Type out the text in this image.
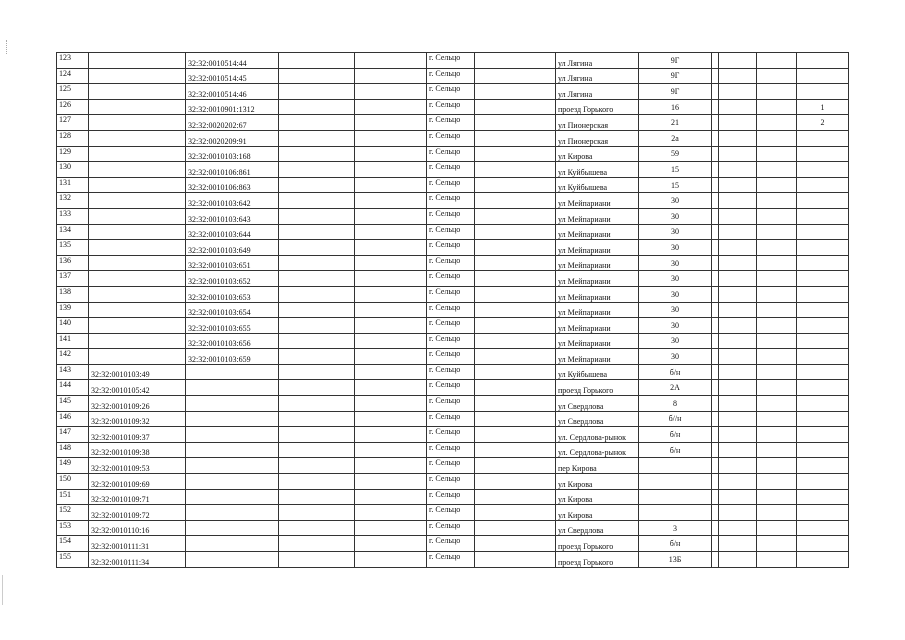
123		32:32:0010514:44			г. Сельцо		ул Лягина	9Г				
124		32:32:0010514:45			г. Сельцо		ул Лягина	9Г				
125		32:32:0010514:46			г. Сельцо		ул Лягина	9Г				
126		32:32:0010901:1312			г. Сельцо		проезд Горького	16				1
127		32:32:0020202:67			г. Сельцо		ул Пионерская	21				2
128		32:32:0020209:91			г. Сельцо		ул Пионерская	2а				
129		32:32:0010103:168			г. Сельцо		ул Кирова	59				
130		32:32:0010106:861			г. Сельцо		ул Куйбышева	15				
131		32:32:0010106:863			г. Сельцо		ул Куйбышева	15				
132		32:32:0010103:642			г. Сельцо		ул Мейпариани	30				
133		32:32:0010103:643			г. Сельцо		ул Мейпариани	30				
134		32:32:0010103:644			г. Сельцо		ул Мейпариани	30				
135		32:32:0010103:649			г. Сельцо		ул Мейпариани	30				
136		32:32:0010103:651			г. Сельцо		ул Мейпариани	30				
137		32:32:0010103:652			г. Сельцо		ул Мейпариани	30				
138		32:32:0010103:653			г. Сельцо		ул Мейпариани	30				
139		32:32:0010103:654			г. Сельцо		ул Мейпариани	30				
140		32:32:0010103:655			г. Сельцо		ул Мейпариани	30				
141		32:32:0010103:656			г. Сельцо		ул Мейпариани	30				
142		32:32:0010103:659			г. Сельцо		ул Мейпариани	30				
143	32:32:0010103:49				г. Сельцо		ул Куйбышева	б/н				
144	32:32:0010105:42				г. Сельцо		проезд Горького	2А				
145	32:32:0010109:26				г. Сельцо		ул Свердлова	8				
146	32:32:0010109:32				г. Сельцо		ул Свердлова	б//н				
147	32:32:0010109:37				г. Сельцо		ул. Сердлова-рынок	б/н				
148	32:32:0010109:38				г. Сельцо		ул. Сердлова-рынок	б/н				
149	32:32:0010109:53				г. Сельцо		пер Кирова					
150	32:32:0010109:69				г. Сельцо		ул Кирова					
151	32:32:0010109:71				г. Сельцо		ул Кирова					
152	32:32:0010109:72				г. Сельцо		ул Кирова					
153	32:32:0010110:16				г. Сельцо		ул Свердлова	3				
154	32:32:0010111:31				г. Сельцо		проезд Горького	б/н				
155	32:32:0010111:34				г. Сельцо		проезд Горького	13Б				
